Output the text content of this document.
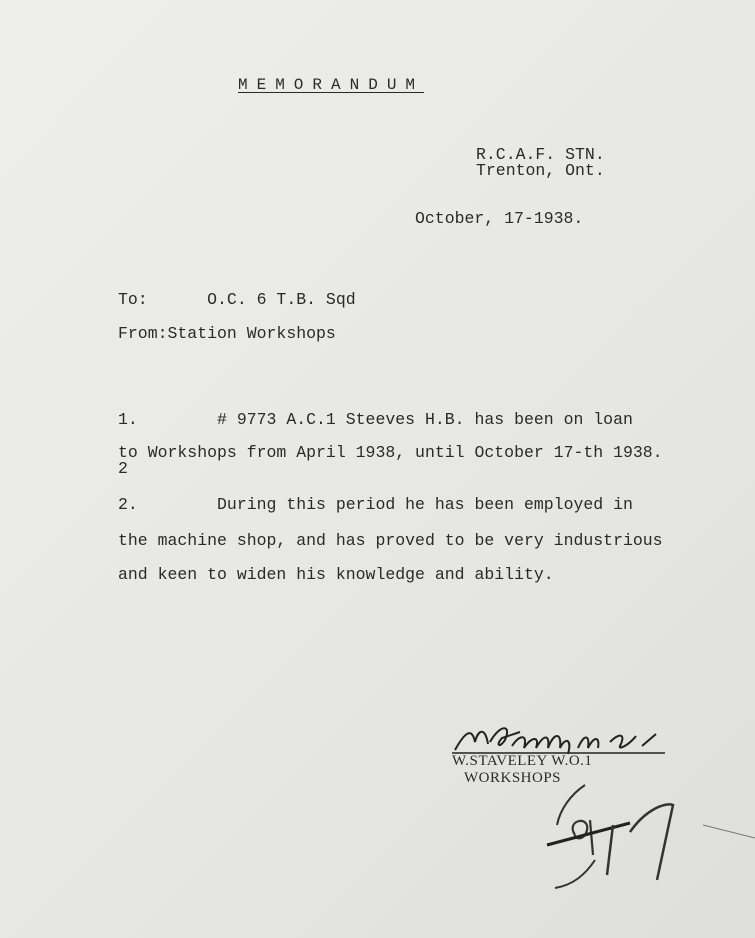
MEMORANDUM
R.C.A.F. STN.
Trenton, Ont.
October, 17-1938.
To:      O.C. 6 T.B. Sqd
From:Station Workshops
1.        # 9773 A.C.1 Steeves H.B. has been on loan
to Workshops from April 1938, until October 17-th 1938.
2
2.        During this period he has been employed in
the machine shop, and has proved to be very industrious
and keen to widen his knowledge and ability.
W.STAVELEY W.O.1
WORKSHOPS
